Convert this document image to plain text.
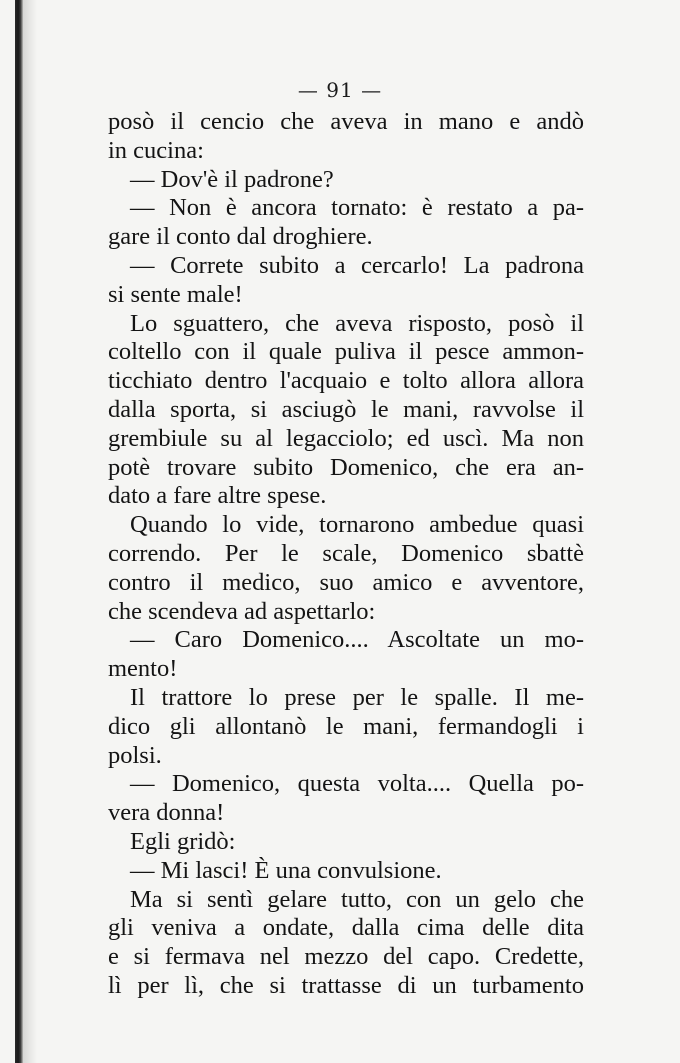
— 91 —
posò il cencio che aveva in mano e andò
in cucina:
— Dov'è il padrone?
— Non è ancora tornato: è restato a pa-
gare il conto dal droghiere.
— Correte subito a cercarlo! La padrona
si sente male!
Lo sguattero, che aveva risposto, posò il
coltello con il quale puliva il pesce ammon-
ticchiato dentro l'acquaio e tolto allora allora
dalla sporta, si asciugò le mani, ravvolse il
grembiule su al legacciolo; ed uscì. Ma non
potè trovare subito Domenico, che era an-
dato a fare altre spese.
Quando lo vide, tornarono ambedue quasi
correndo. Per le scale, Domenico sbattè
contro il medico, suo amico e avventore,
che scendeva ad aspettarlo:
— Caro Domenico.... Ascoltate un mo-
mento!
Il trattore lo prese per le spalle. Il me-
dico gli allontanò le mani, fermandogli i
polsi.
— Domenico, questa volta.... Quella po-
vera donna!
Egli gridò:
— Mi lasci! È una convulsione.
Ma si sentì gelare tutto, con un gelo che
gli veniva a ondate, dalla cima delle dita
e si fermava nel mezzo del capo. Credette,
lì per lì, che si trattasse di un turbamento
